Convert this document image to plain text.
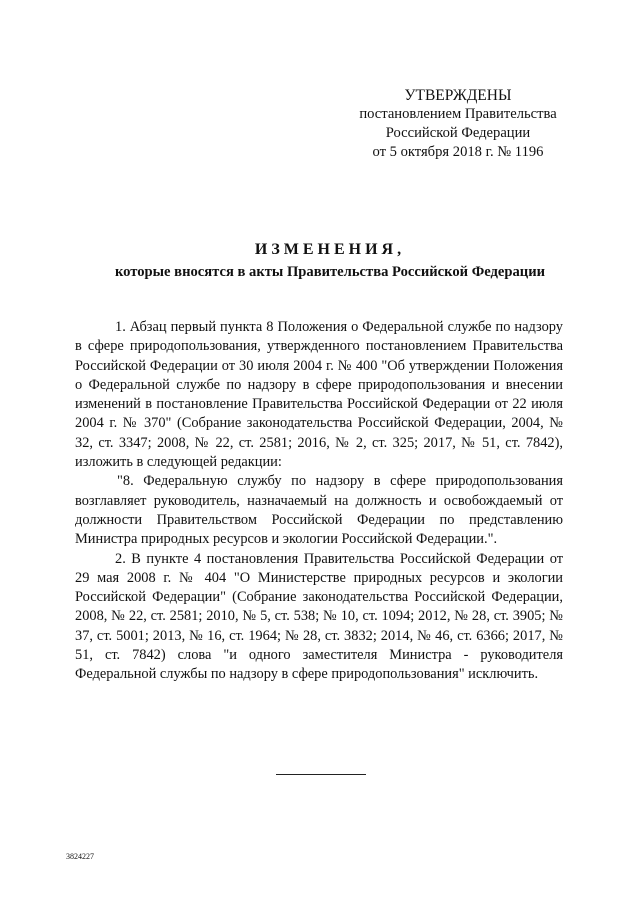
УТВЕРЖДЕНЫ
постановлением Правительства
Российской Федерации
от 5 октября 2018 г. № 1196
ИЗМЕНЕНИЯ,
которые вносятся в акты Правительства Российской Федерации

1. Абзац первый пункта 8 Положения о Федеральной службе по надзору в сфере природопользования, утвержденного постановлением Правительства Российской Федерации от 30 июля 2004 г. № 400 "Об утверждении Положения о Федеральной службе по надзору в сфере природопользования и внесении изменений в постановление Правительства Российской Федерации от 22 июля 2004 г. № 370" (Собрание законодательства Российской Федерации, 2004, № 32, ст. 3347; 2008, № 22, ст. 2581; 2016, № 2, ст. 325; 2017, № 51, ст. 7842), изложить в следующей редакции:

"8. Федеральную службу по надзору в сфере природопользования возглавляет руководитель, назначаемый на должность и освобождаемый от должности Правительством Российской Федерации по представлению Министра природных ресурсов и экологии Российской Федерации.".

2. В пункте 4 постановления Правительства Российской Федерации от 29 мая 2008 г. № 404 "О Министерстве природных ресурсов и экологии Российской Федерации" (Собрание законодательства Российской Федерации, 2008, № 22, ст. 2581; 2010, № 5, ст. 538; № 10, ст. 1094; 2012, № 28, ст. 3905; № 37, ст. 5001; 2013, № 16, ст. 1964; № 28, ст. 3832; 2014, № 46, ст. 6366; 2017, № 51, ст. 7842) слова "и одного заместителя Министра - руководителя Федеральной службы по надзору в сфере природопользования" исключить.

3824227
